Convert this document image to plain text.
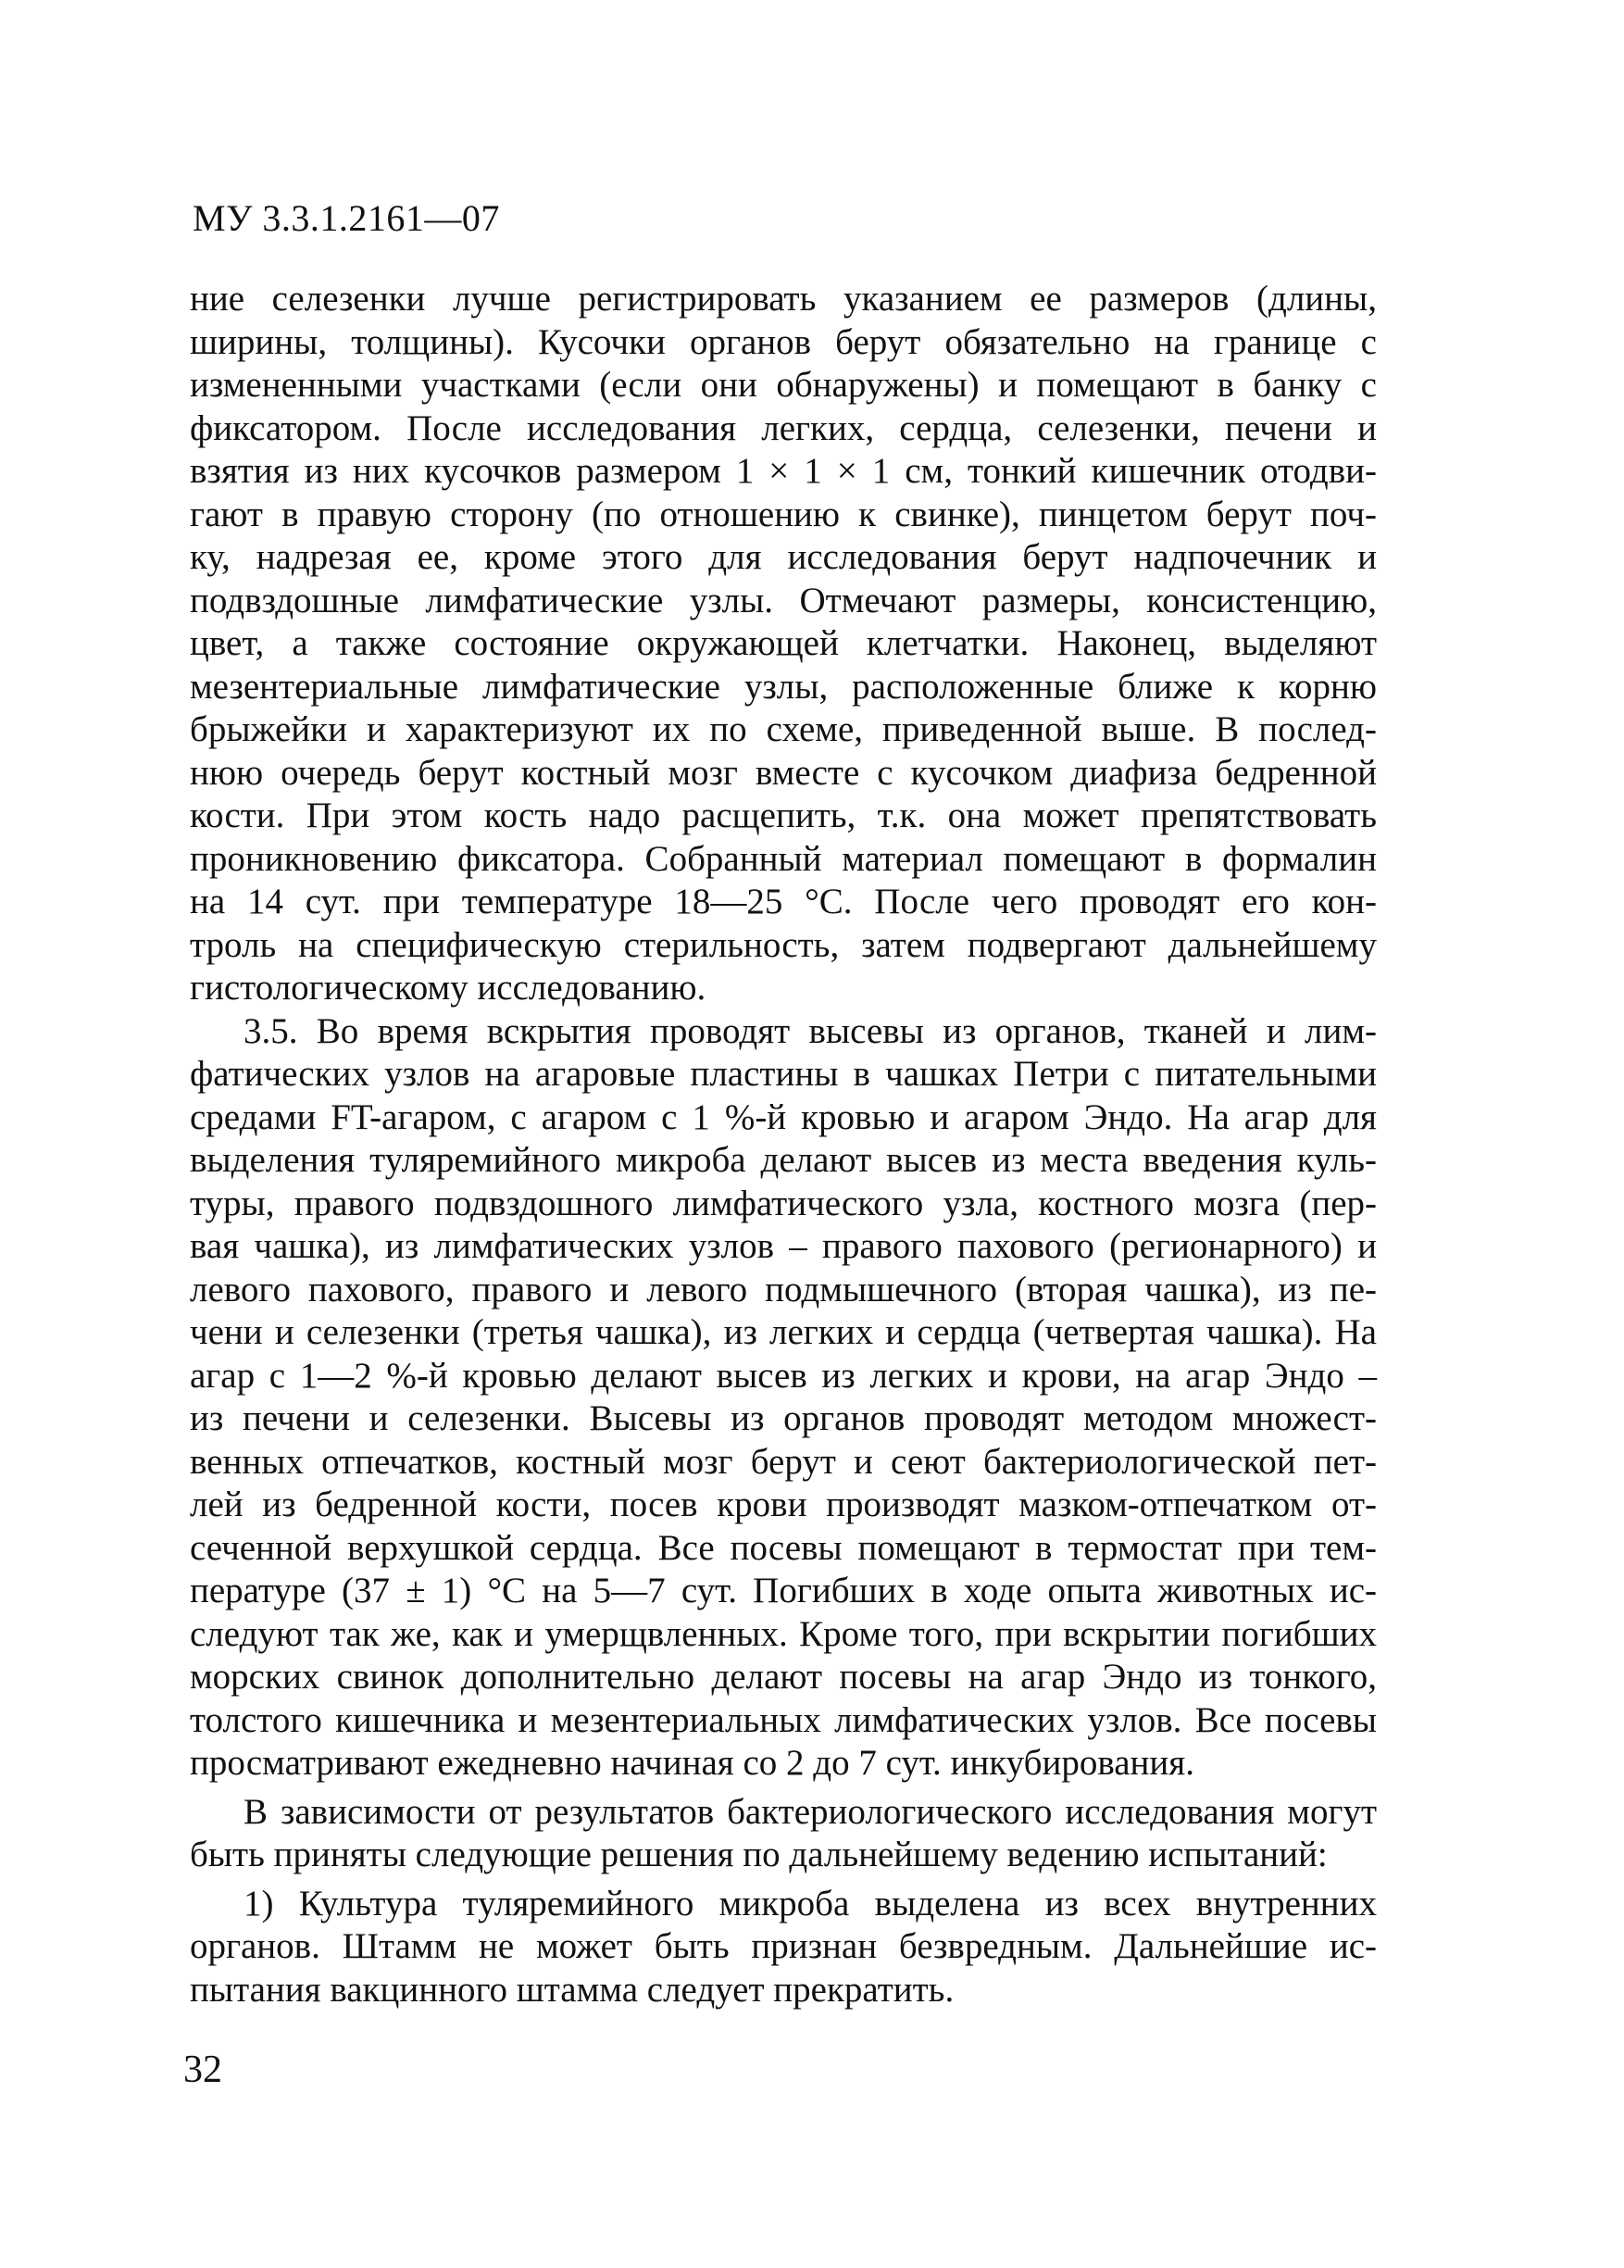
МУ 3.3.1.2161—07
ние селезенки лучше регистрировать указанием ее размеров (длины,
ширины, толщины). Кусочки органов берут обязательно на границе с
измененными участками (если они обнаружены) и помещают в банку с
фиксатором. После исследования легких, сердца, селезенки, печени и
взятия из них кусочков размером 1 × 1 × 1 см, тонкий кишечник отодви-
гают в правую сторону (по отношению к свинке), пинцетом берут поч-
ку, надрезая ее, кроме этого для исследования берут надпочечник и
подвздошные лимфатические узлы. Отмечают размеры, консистенцию,
цвет, а также состояние окружающей клетчатки. Наконец, выделяют
мезентериальные лимфатические узлы, расположенные ближе к корню
брыжейки и характеризуют их по схеме, приведенной выше. В послед-
нюю очередь берут костный мозг вместе с кусочком диафиза бедренной
кости. При этом кость надо расщепить, т.к. она может препятствовать
проникновению фиксатора. Собранный материал помещают в формалин
на 14 сут. при температуре 18—25 °С. После чего проводят его кон-
троль на специфическую стерильность, затем подвергают дальнейшему
гистологическому исследованию.
3.5. Во время вскрытия проводят высевы из органов, тканей и лим-
фатических узлов на агаровые пластины в чашках Петри с питательными
средами FT-агаром, с агаром с 1 %-й кровью и агаром Эндо. На агар для
выделения туляремийного микроба делают высев из места введения куль-
туры, правого подвздошного лимфатического узла, костного мозга (пер-
вая чашка), из лимфатических узлов – правого пахового (регионарного) и
левого пахового, правого и левого подмышечного (вторая чашка), из пе-
чени и селезенки (третья чашка), из легких и сердца (четвертая чашка). На
агар с 1—2 %-й кровью делают высев из легких и крови, на агар Эндо –
из печени и селезенки. Высевы из органов проводят методом множест-
венных отпечатков, костный мозг берут и сеют бактериологической пет-
лей из бедренной кости, посев крови производят мазком-отпечатком от-
сеченной верхушкой сердца. Все посевы помещают в термостат при тем-
пературе (37 ± 1) °С на 5—7 сут. Погибших в ходе опыта животных ис-
следуют так же, как и умерщвленных. Кроме того, при вскрытии погибших
морских свинок дополнительно делают посевы на агар Эндо из тонкого,
толстого кишечника и мезентериальных лимфатических узлов. Все посевы
просматривают ежедневно начиная со 2 до 7 сут. инкубирования.
В зависимости от результатов бактериологического исследования могут
быть приняты следующие решения по дальнейшему ведению испытаний:
1) Культура туляремийного микроба выделена из всех внутренних
органов. Штамм не может быть признан безвредным. Дальнейшие ис-
пытания вакцинного штамма следует прекратить.
32
